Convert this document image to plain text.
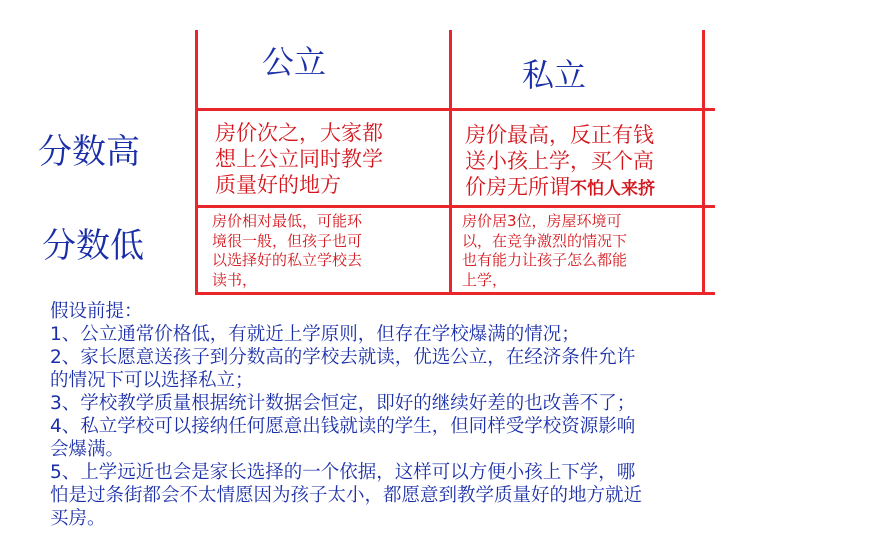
公立	私立
分数高
分数低
房价次之，大家都
想上公立同时教学
质量好的地方
房价最高，反正有钱
送小孩上学，买个高
价房无所谓不怕人来挤
房价相对最低，可能环
境很一般，但孩子也可
以选择好的私立学校去
读书，
房价居3位，房屋环境可
以，在竞争激烈的情况下
也有能力让孩子怎么都能
上学，
假设前提：
1、公立通常价格低，有就近上学原则，但存在学校爆满的情况；
2、家长愿意送孩子到分数高的学校去就读，优选公立，在经济条件允许
的情况下可以选择私立；
3、学校教学质量根据统计数据会恒定，即好的继续好差的也改善不了；
4、私立学校可以接纳任何愿意出钱就读的学生，但同样受学校资源影响
会爆满。
5、上学远近也会是家长选择的一个依据，这样可以方便小孩上下学，哪
怕是过条街都会不太情愿因为孩子太小，都愿意到教学质量好的地方就近
买房。
